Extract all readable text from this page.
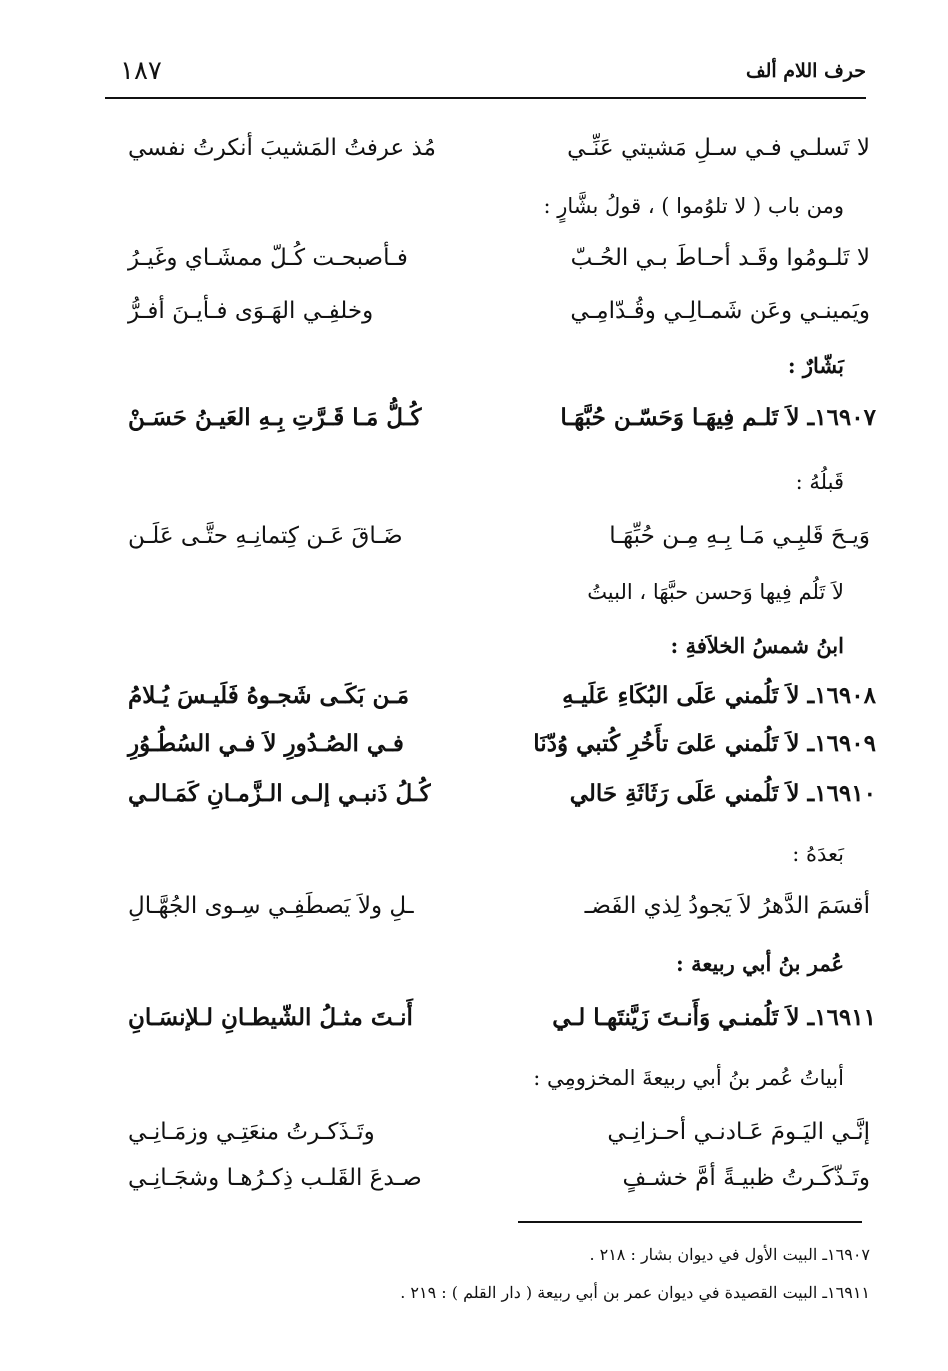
حرف اللام ألف
١٨٧
لا تَسلـي فـي سـلِ مَشيتي عَنِّـي
مُذ عرفتُ المَشيبَ أنكرتُ نفسي
ومن باب ( لا تلوُموا ) ، قولُ بشَّارٍ :
لا تَلـومُوا وقَـد أحـاطَ بـي الحُـبّ
فـأصبحـت كُـلّ ممشَـاي وغَيـرُ
ويَمينـي وعَن شَمـالِـي وقُـدّامِـي
وخلفِـي الهَـوَى فـأيـنَ أفـرُّ
بَشّارٌ :
١٦٩٠٧ـ لاَ تَلـم فِيهَـا وَحَسّـن حُبَّهَـا
كُـلُّ مَـا قَـرَّتِ بِـهِ العَيـنُ حَسَـنْ
قَبلُهُ :
وَيـحَ قَلبِـي مَـا بِـهِ مِـن حُبِّهَـا
ضَـاقَ عَـن كِتمانِـهِ حتَّـى عَلَـن
لاَ تَلُم فِيها وَحسن حبَّهَا ، البيتُ
ابنُ شمسُ الخلاَفةِ :
١٦٩٠٨ـ لاَ تَلُمني عَلَى البُكَاءِ عَلَيـهِ
مَـن بَكَـى شَجـوهُ فَلَيـسَ يُـلامُ
١٦٩٠٩ـ لاَ تَلُمني عَلىَ تأَخُرِ كُتبي وُدّنَا
فـي الصُـدُورِ لاَ فـي السُطُـوُرِ
١٦٩١٠ـ لاَ تَلُمني عَلَى رَثَاثَةِ حَالي
كُـلُ ذَنبـي إلـى الـزَّمـانِ كَمَـالـي
بَعدَهُ :
أقسَمَ الدَّهرُ لاَ يَجودُ لِذي الفَضـ
ـلِ ولاَ يَصطَفِـي سِـوى الجُهَّـالِ
عُمر بنُ أبي ربيعة :
١٦٩١١ـ لاَ تَلُمنـي وَأَنـتَ زَيَّنتَهـا لـي
أَنـتَ مثـلُ الشّيطـانِ لـلإنسَـانِ
أبياتُ عُمر بنُ أبي ربيعةَ المخزومِي :
إنَّـي اليَـومَ عَـادنـي أحـزانِـي
وتَـذَكـرتُ منعَتِـي وزمَـانِـي
وتَـذّكَـرتُ ظبيـةً أمَّ خشـفٍ
صـدعَ القَلـب ذِكـرُهـا وشجَـانِـي
١٦٩٠٧ـ البيت الأول في ديوان بشار : ٢١٨ .
١٦٩١١ـ البيت القصيدة في ديوان عمر بن أبي ربيعة ( دار القلم ) : ٢١٩ .
